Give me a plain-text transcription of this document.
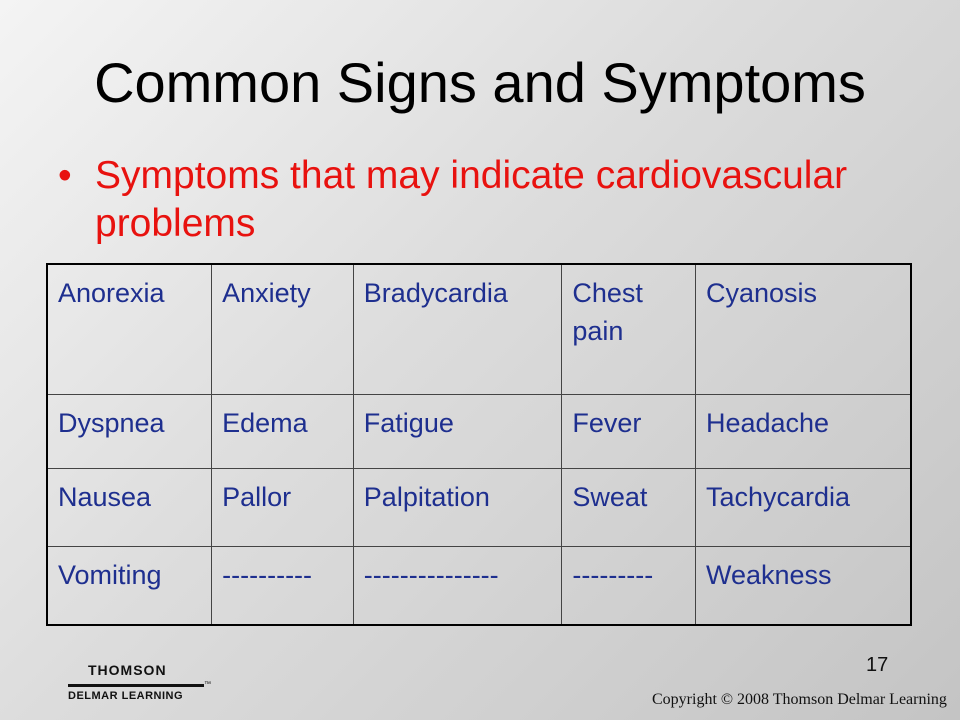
Common Signs and Symptoms
• Symptoms that may indicate cardiovascular problems
Anorexia	Anxiety	Bradycardia	Chest pain	Cyanosis
Dyspnea	Edema	Fatigue	Fever	Headache
Nausea	Pallor	Palpitation	Sweat	Tachycardia
Vomiting	----------	---------------	---------	Weakness
17
THOMSON
™
DELMAR LEARNING	Copyright © 2008 Thomson Delmar Learning
